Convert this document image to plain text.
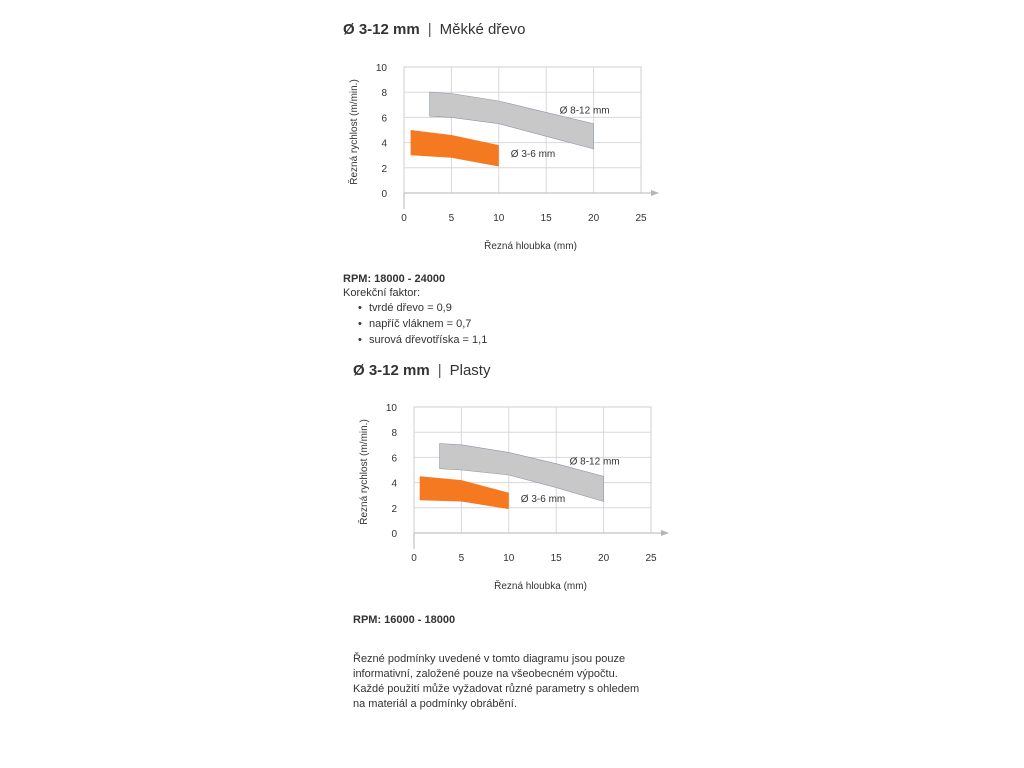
Ø 3-12 mm | Měkké dřevo
Ø 8-12 mm
Ø 3-6 mm
0
2
4
6
8
10
0	5	10	15	20	25
Řezná hloubka (mm)
Řezná rychlost (m/min.)
RPM: 18000 - 24000
Korekční faktor:
• tvrdé dřevo = 0,9
• napříč vláknem = 0,7
• surová dřevotříska = 1,1
Ø 3-12 mm | Plasty
Ø 8-12 mm
Ø 3-6 mm
0
2
4
6
8
10
0	5	10	15	20	25
Řezná hloubka (mm)
Řezná rychlost (m/min.)
RPM: 16000 - 18000
Řezné podmínky uvedené v tomto diagramu jsou pouze
informativní, založené pouze na všeobecném výpočtu.
Každé použití může vyžadovat různé parametry s ohledem
na materiál a podmínky obrábění.
